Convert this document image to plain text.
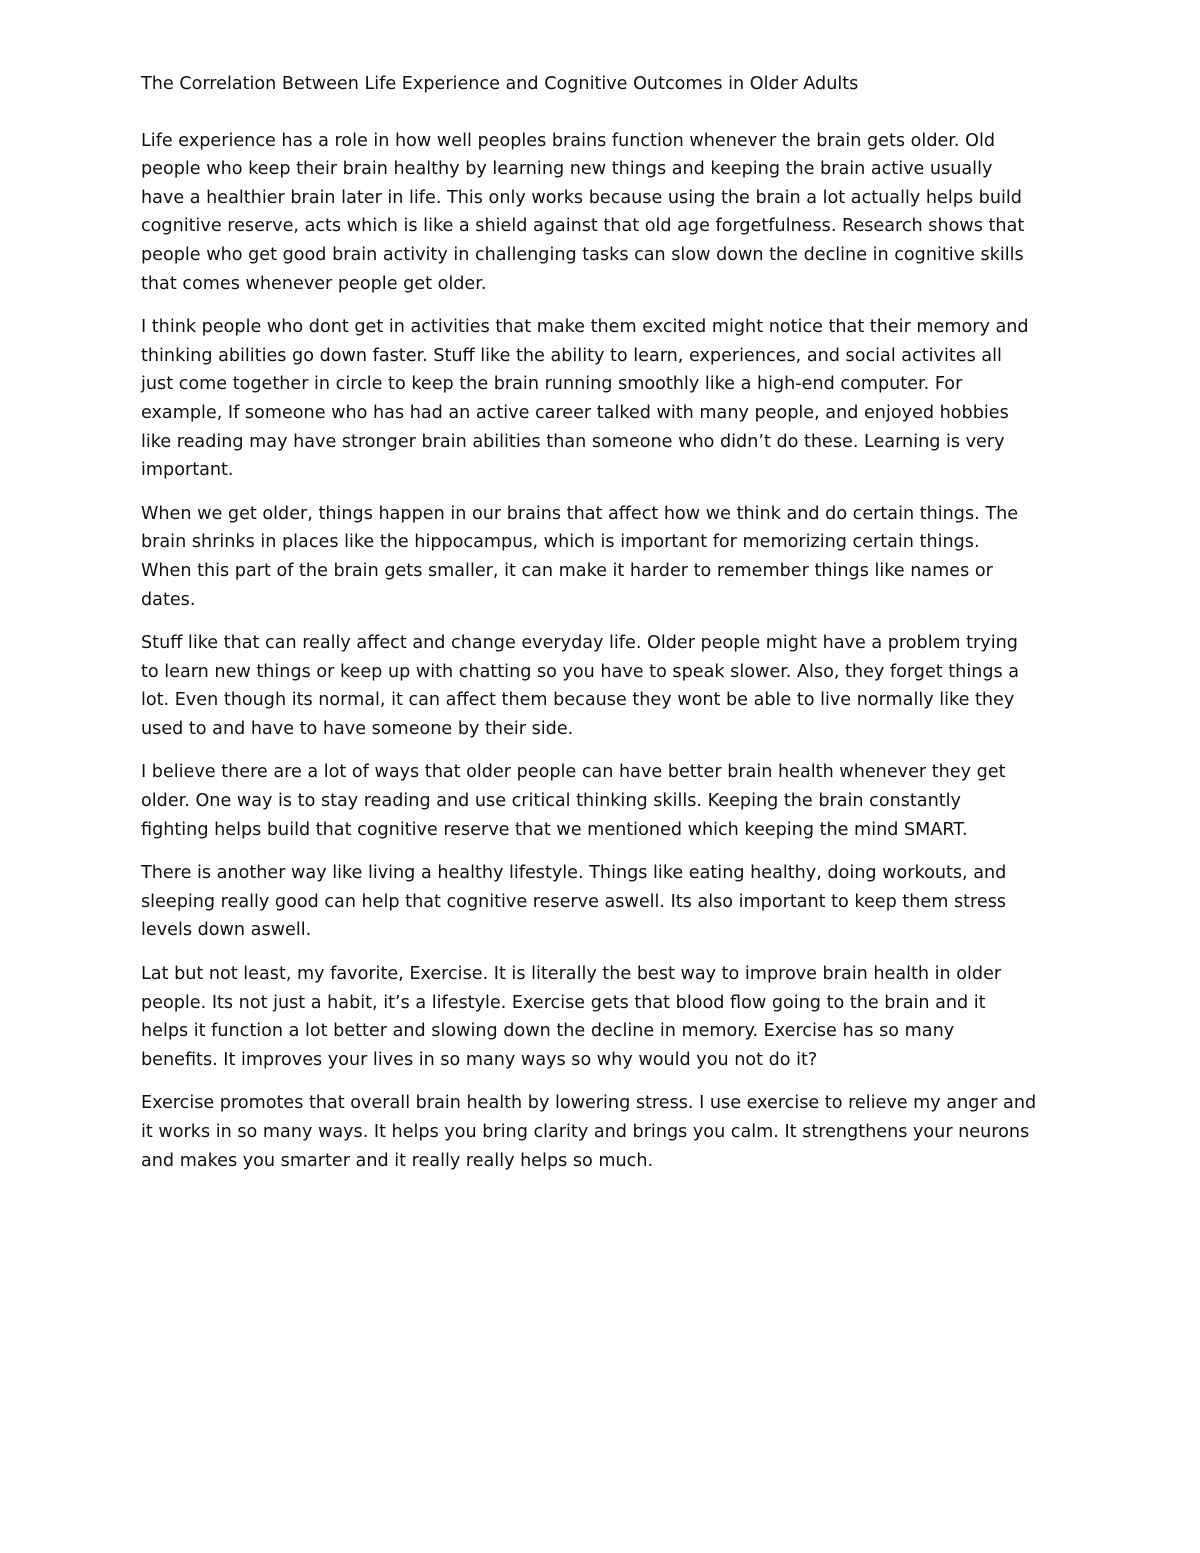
The Correlation Between Life Experience and Cognitive Outcomes in Older Adults
Life experience has a role in how well peoples brains function whenever the brain gets older. Old
people who keep their brain healthy by learning new things and keeping the brain active usually
have a healthier brain later in life. This only works because using the brain a lot actually helps build
cognitive reserve, acts which is like a shield against that old age forgetfulness. Research shows that
people who get good brain activity in challenging tasks can slow down the decline in cognitive skills
that comes whenever people get older.
I think people who dont get in activities that make them excited might notice that their memory and
thinking abilities go down faster. Stuff like the ability to learn, experiences, and social activites all
just come together in circle to keep the brain running smoothly like a high-end computer. For
example, If someone who has had an active career talked with many people, and enjoyed hobbies
like reading may have stronger brain abilities than someone who didn’t do these. Learning is very
important.
When we get older, things happen in our brains that affect how we think and do certain things. The
brain shrinks in places like the hippocampus, which is important for memorizing certain things.
When this part of the brain gets smaller, it can make it harder to remember things like names or
dates.
Stuff like that can really affect and change everyday life. Older people might have a problem trying
to learn new things or keep up with chatting so you have to speak slower. Also, they forget things a
lot. Even though its normal, it can affect them because they wont be able to live normally like they
used to and have to have someone by their side.
I believe there are a lot of ways that older people can have better brain health whenever they get
older. One way is to stay reading and use critical thinking skills. Keeping the brain constantly
fighting helps build that cognitive reserve that we mentioned which keeping the mind SMART.
There is another way like living a healthy lifestyle. Things like eating healthy, doing workouts, and
sleeping really good can help that cognitive reserve aswell. Its also important to keep them stress
levels down aswell.
Lat but not least, my favorite, Exercise. It is literally the best way to improve brain health in older
people. Its not just a habit, it’s a lifestyle. Exercise gets that blood flow going to the brain and it
helps it function a lot better and slowing down the decline in memory. Exercise has so many
benefits. It improves your lives in so many ways so why would you not do it?
Exercise promotes that overall brain health by lowering stress. I use exercise to relieve my anger and
it works in so many ways. It helps you bring clarity and brings you calm. It strengthens your neurons
and makes you smarter and it really really helps so much.
